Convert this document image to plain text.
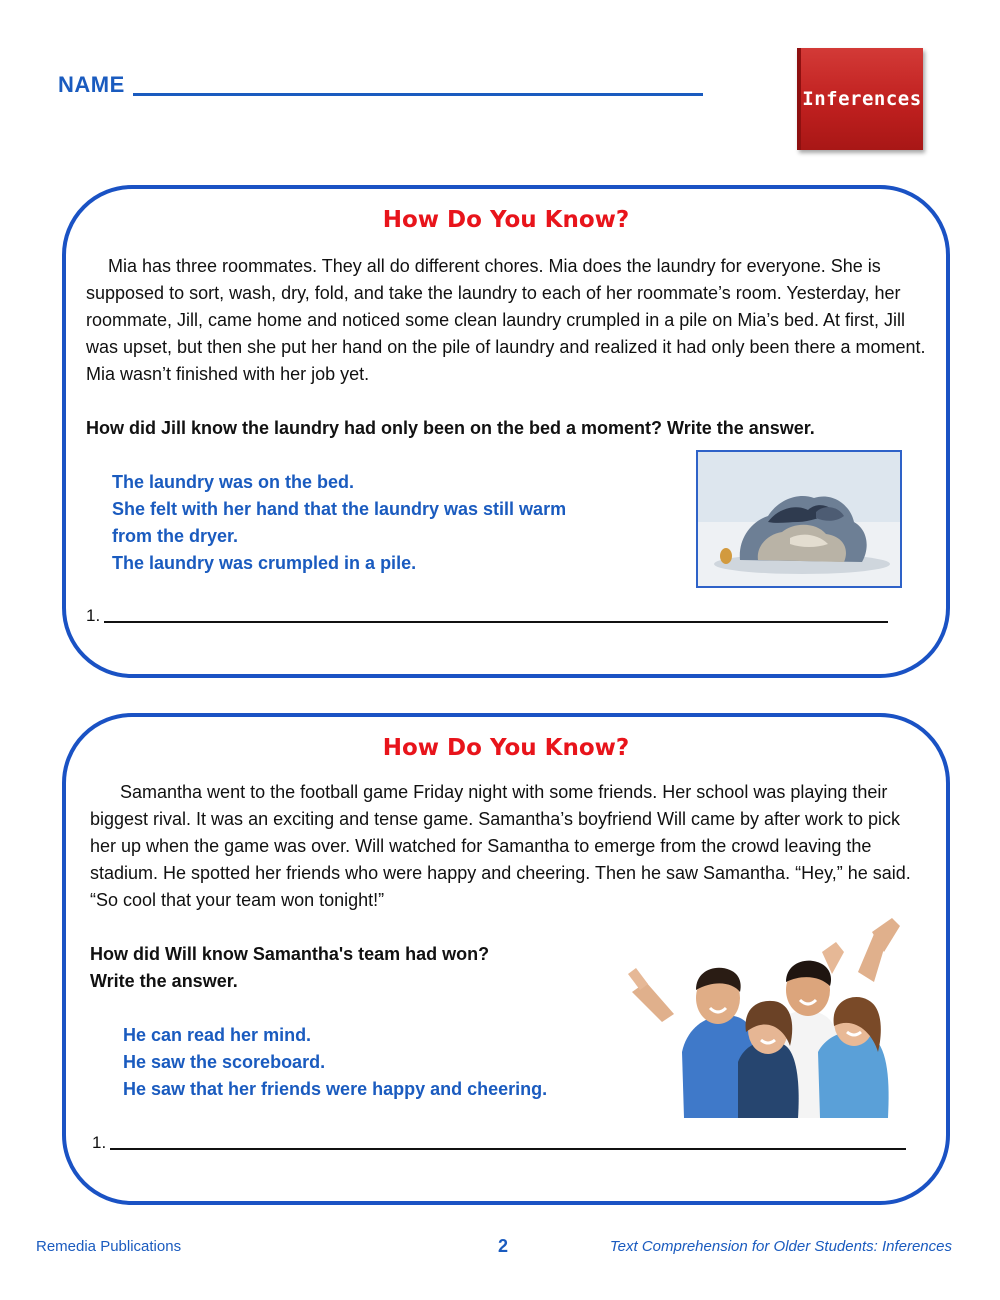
NAME
Inferences
How Do You Know?
Mia has three roommates. They all do different chores. Mia does the laundry for everyone. She is supposed to sort, wash, dry, fold, and take the laundry to each of her roommate’s room. Yesterday, her roommate, Jill, came home and noticed some clean laundry crumpled in a pile on Mia’s bed. At first, Jill was upset, but then she put her hand on the pile of laundry and realized it had only been there a moment. Mia wasn’t finished with her job yet.
How did Jill know the laundry had only been on the bed a moment? Write the answer.
The laundry was on the bed.
She felt with her hand that the laundry was still warm from the dryer.
The laundry was crumpled in a pile.
1.
How Do You Know?
Samantha went to the football game Friday night with some friends. Her school was playing their biggest rival. It was an exciting and tense game. Samantha’s boyfriend Will came by after work to pick her up when the game was over. Will watched for Samantha to emerge from the crowd leaving the stadium. He spotted her friends who were happy and cheering. Then he saw Samantha. “Hey,” he said. “So cool that your team won tonight!”
How did Will know Samantha's team had won?
Write the answer.
He can read her mind.
He saw the scoreboard.
He saw that her friends were happy and cheering.
1.
Remedia Publications	2	Text Comprehension for Older Students: Inferences
